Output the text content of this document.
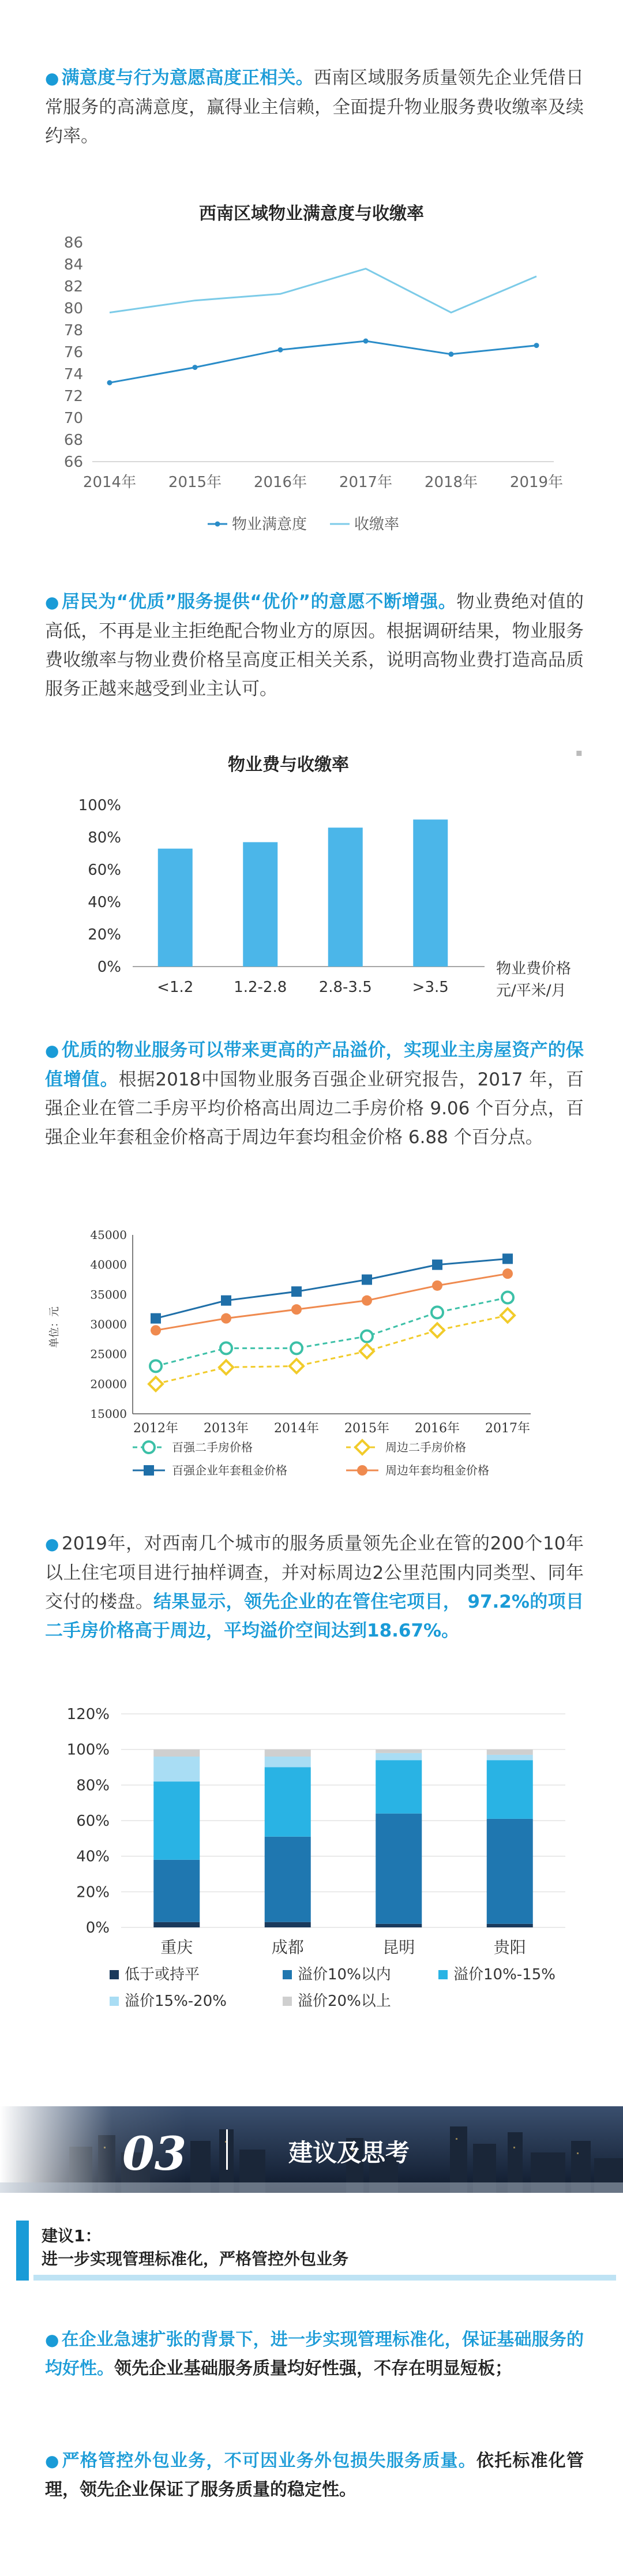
● 满意度与行为意愿高度正相关。西南区域服务质量领先企业凭借日常服务的高满意度，赢得业主信赖，全面提升物业服务费收缴率及续约率。

西南区域物业满意度与收缴率
66
68
70
72
74
76
78
80
82
84
86
2014年 2015年 2016年 2017年 2018年 2019年
物业满意度	收缴率

● 居民为“优质”服务提供“优价”的意愿不断增强。物业费绝对值的高低，不再是业主拒绝配合物业方的原因。根据调研结果，物业服务费收缴率与物业费价格呈高度正相关关系，说明高物业费打造高品质服务正越来越受到业主认可。

物业费与收缴率
▪
0%
20%
40%
60%
80%
100%
<1.2	1.2-2.8 2.8-3.5	>3.5
物业费价格
元/平米/月

● 优质的物业服务可以带来更高的产品溢价，实现业主房屋资产的保值增值。根据2018中国物业服务百强企业研究报告，2017 年，百强企业在管二手房平均价格高出周边二手房价格 9.06 个百分点，百强企业年套租金价格高于周边年套均租金价格 6.88 个百分点。

15000
20000
25000
30000
35000
40000
45000
单位：元
2012年 2013年 2014年 2015年 2016年 2017年
百强二手房价格	周边二手房价格
百强企业年套租金价格	周边年套均租金价格

● 2019年，对西南几个城市的服务质量领先企业在管的200个10年以上住宅项目进行抽样调查，并对标周边2公里范围内同类型、同年交付的楼盘。结果显示，领先企业的在管住宅项目， 97.2%的项目二手房价格高于周边，平均溢价空间达到18.67%。

0%
20%
40%
60%
80%
100%
120%
重庆	成都	昆明	贵阳
低于或持平	溢价10%以内	溢价10%-15%
溢价15%-20%	溢价20%以上
03	建议及思考
建议1：
进一步实现管理标准化，严格管控外包业务

● 在企业急速扩张的背景下，进一步实现管理标准化，保证基础服务的均好性。领先企业基础服务质量均好性强，不存在明显短板；

● 严格管控外包业务，不可因业务外包损失服务质量。依托标准化管理，领先企业保证了服务质量的稳定性。
